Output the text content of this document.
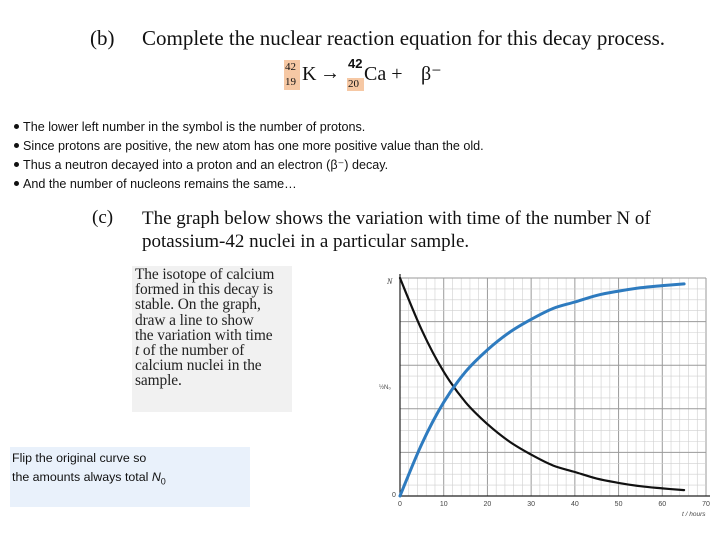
(b) Complete the nuclear reaction equation for this decay process.
42
19 K → 42
20 Ca + β⁻
The lower left number in the symbol is the number of protons.
Since protons are positive, the new atom has one more positive value than the old.
Thus a neutron decayed into a proton and an electron (β⁻) decay.
And the number of nucleons remains the same…
(c) The graph below shows the variation with time of the number N of
potassium-42 nuclei in a particular sample.
The isotope of calcium
formed in this decay is
stable. On the graph,
draw a line to show
the variation with time
t of the number of
calcium nuclei in the
sample.
Flip the original curve so
the amounts always total $N_0$
0	10	20	30	40	50	60	70
N
½N₀
0
t / hours
